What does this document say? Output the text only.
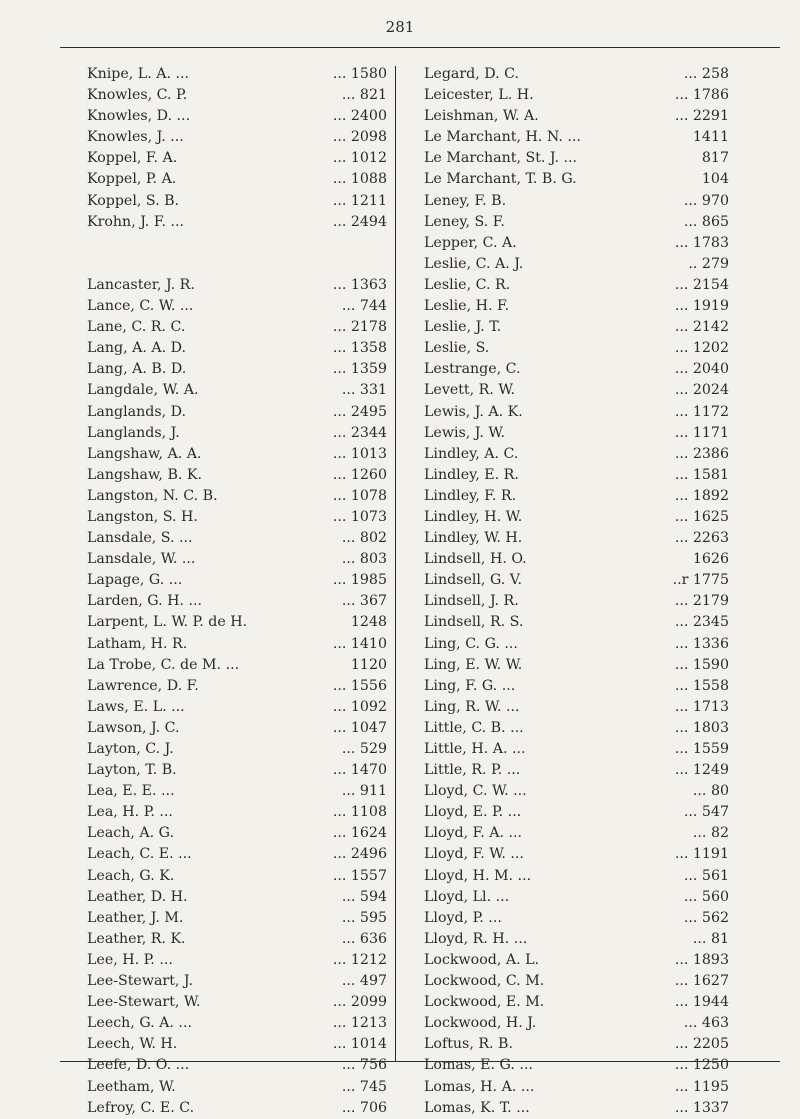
281
Knipe, L. A. ...	... 1580
Knowles, C. P.	... 821
Knowles, D. ...	... 2400
Knowles, J. ...	... 2098
Koppel, F. A.	... 1012
Koppel, P. A.	... 1088
Koppel, S. B.	... 1211
Krohn, J. F. ...	... 2494
Lancaster, J. R.	... 1363
Lance, C. W. ...	... 744
Lane, C. R. C.	... 2178
Lang, A. A. D.	... 1358
Lang, A. B. D.	... 1359
Langdale, W. A.	... 331
Langlands, D.	... 2495
Langlands, J.	... 2344
Langshaw, A. A.	... 1013
Langshaw, B. K.	... 1260
Langston, N. C. B.	... 1078
Langston, S. H.	... 1073
Lansdale, S. ...	... 802
Lansdale, W. ...	... 803
Lapage, G. ...	... 1985
Larden, G. H. ...	... 367
Larpent, L. W. P. de H.	1248
Latham, H. R.	... 1410
La Trobe, C. de M. ...	1120
Lawrence, D. F.	... 1556
Laws, E. L. ...	... 1092
Lawson, J. C.	... 1047
Layton, C. J.	... 529
Layton, T. B.	... 1470
Lea, E. E. ...	... 911
Lea, H. P. ...	... 1108
Leach, A. G.	... 1624
Leach, C. E. ...	... 2496
Leach, G. K.	... 1557
Leather, D. H.	... 594
Leather, J. M.	... 595
Leather, R. K.	... 636
Lee, H. P. ...	... 1212
Lee-Stewart, J.	... 497
Lee-Stewart, W.	... 2099
Leech, G. A. ...	... 1213
Leech, W. H.	... 1014
Leefe, D. O. ...	... 756
Leetham, W.	... 745
Lefroy, C. E. C.	... 706
Legard, D. C.	... 258
Leicester, L. H.	... 1786
Leishman, W. A.	... 2291
Le Marchant, H. N. ...	1411
Le Marchant, St. J. ...	817
Le Marchant, T. B. G.	104
Leney, F. B.	... 970
Leney, S. F.	... 865
Lepper, C. A.	... 1783
Leslie, C. A. J.	.. 279
Leslie, C. R.	... 2154
Leslie, H. F.	... 1919
Leslie, J. T.	... 2142
Leslie, S.	... 1202
Lestrange, C.	... 2040
Levett, R. W.	... 2024
Lewis, J. A. K.	... 1172
Lewis, J. W.	... 1171
Lindley, A. C.	... 2386
Lindley, E. R.	... 1581
Lindley, F. R.	... 1892
Lindley, H. W.	... 1625
Lindley, W. H.	... 2263
Lindsell, H. O.	1626
Lindsell, G. V.	..r 1775
Lindsell, J. R.	... 2179
Lindsell, R. S.	... 2345
Ling, C. G. ...	... 1336
Ling, E. W. W.	... 1590
Ling, F. G. ...	... 1558
Ling, R. W. ...	... 1713
Little, C. B. ...	... 1803
Little, H. A. ...	... 1559
Little, R. P. ...	... 1249
Lloyd, C. W. ...	... 80
Lloyd, E. P. ...	... 547
Lloyd, F. A. ...	... 82
Lloyd, F. W. ...	... 1191
Lloyd, H. M. ...	... 561
Lloyd, Ll. ...	... 560
Lloyd, P. ...	... 562
Lloyd, R. H. ...	... 81
Lockwood, A. L.	... 1893
Lockwood, C. M.	... 1627
Lockwood, E. M.	... 1944
Lockwood, H. J.	... 463
Loftus, R. B.	... 2205
Lomas, E. G. ...	... 1250
Lomas, H. A. ...	... 1195
Lomas, K. T. ...	... 1337
